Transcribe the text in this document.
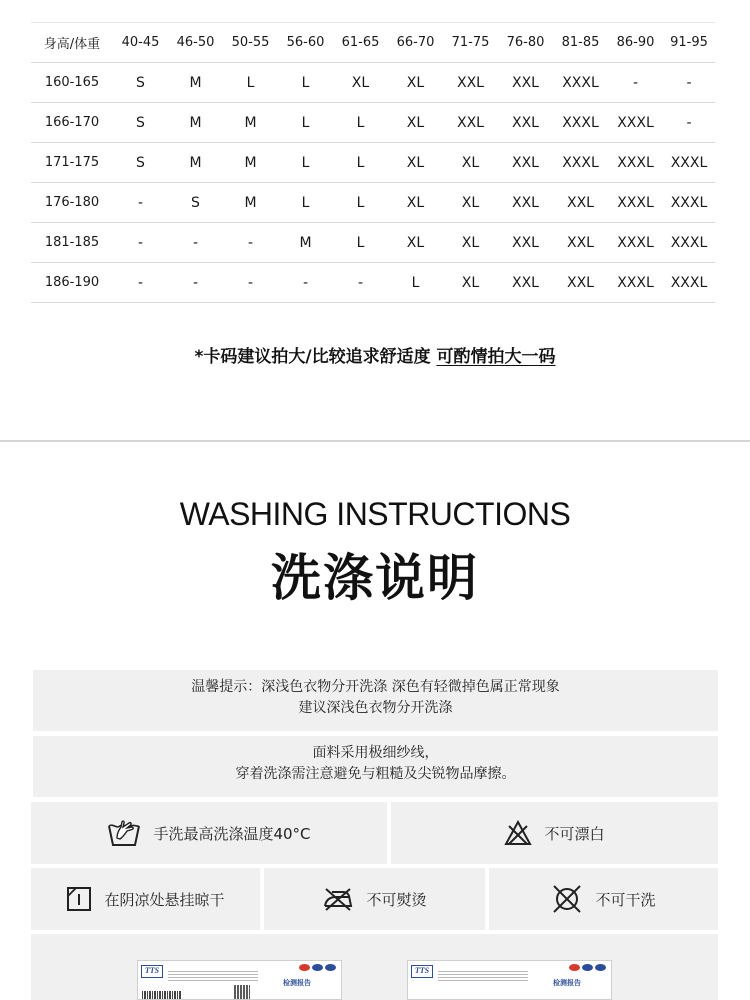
身高/体重	40-45	46-50	50-55	56-60	61-65	66-70	71-75	76-80	81-85	86-90	91-95
160-165	S	M	L	L	XL	XL	XXL	XXL	XXXL	-	-
166-170	S	M	M	L	L	XL	XXL	XXL	XXXL	XXXL	-
171-175	S	M	M	L	L	XL	XL	XXL	XXXL	XXXL	XXXL
176-180	-	S	M	L	L	XL	XL	XXL	XXL	XXXL	XXXL
181-185	-	-	-	M	L	XL	XL	XXL	XXL	XXXL	XXXL
186-190	-	-	-	-	-	L	XL	XXL	XXL	XXXL	XXXL
*卡码建议拍大/比较追求舒适度 可酌情拍大一码
WASHING INSTRUCTIONS
洗涤说明
温馨提示：深浅色衣物分开洗涤 深色有轻微掉色属正常现象
建议深浅色衣物分开洗涤
面料采用极细纱线，
穿着洗涤需注意避免与粗糙及尖锐物品摩擦。
手洗最高洗涤温度40°C	不可漂白
在阴凉处悬挂晾干	不可熨烫	不可干洗
TTS
检测报告
TTS
检测报告
